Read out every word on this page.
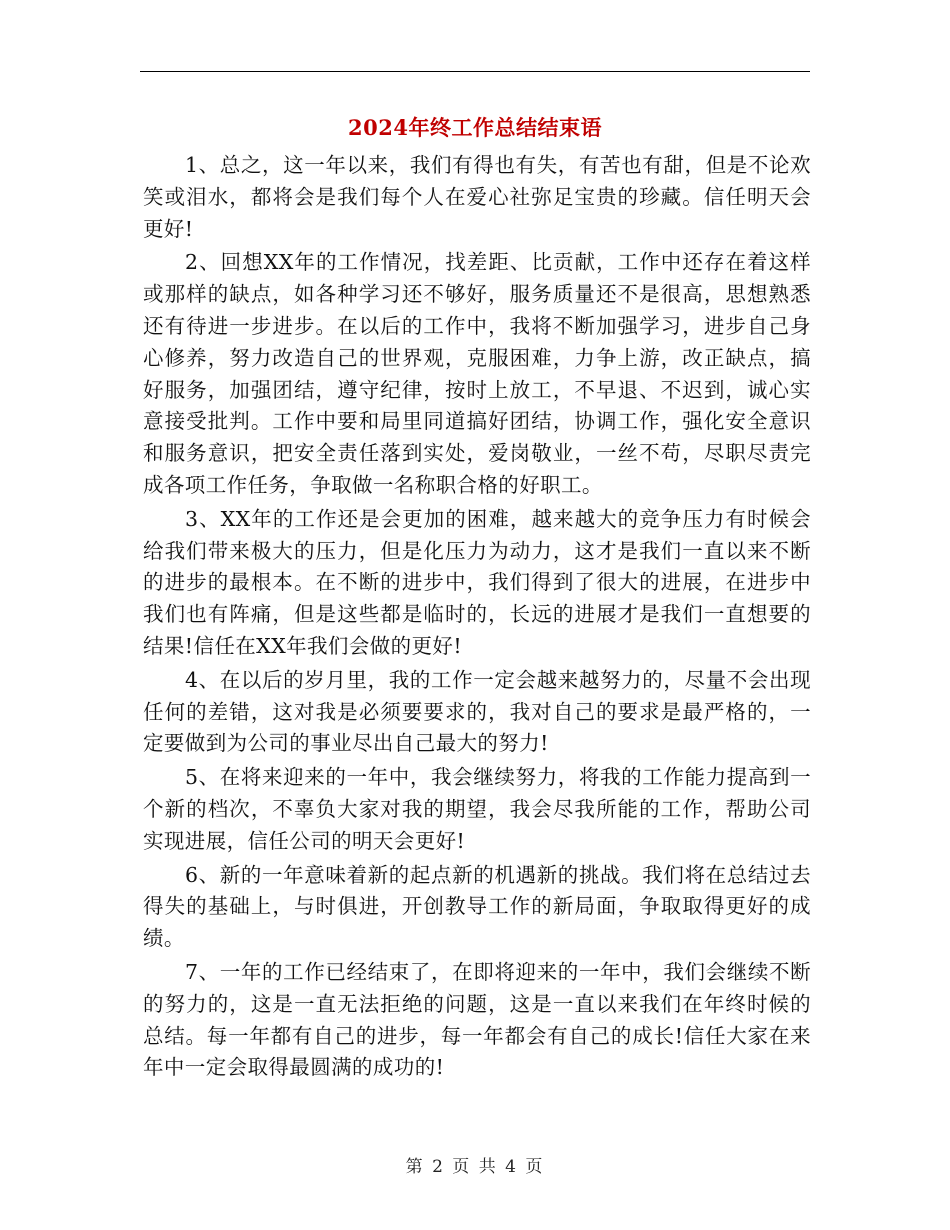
2024年终工作总结结束语

1、总之，这一年以来，我们有得也有失，有苦也有甜，但是不论欢笑或泪水，都将会是我们每个人在爱心社弥足宝贵的珍藏。信任明天会更好!

2、回想XX年的工作情况，找差距、比贡献，工作中还存在着这样或那样的缺点，如各种学习还不够好，服务质量还不是很高，思想熟悉还有待进一步进步。在以后的工作中，我将不断加强学习，进步自己身心修养，努力改造自己的世界观，克服困难，力争上游，改正缺点，搞好服务，加强团结，遵守纪律，按时上放工，不早退、不迟到，诚心实意接受批判。工作中要和局里同道搞好团结，协调工作，强化安全意识和服务意识，把安全责任落到实处，爱岗敬业，一丝不苟，尽职尽责完成各项工作任务，争取做一名称职合格的好职工。

3、XX年的工作还是会更加的困难，越来越大的竞争压力有时候会给我们带来极大的压力，但是化压力为动力，这才是我们一直以来不断的进步的最根本。在不断的进步中，我们得到了很大的进展，在进步中我们也有阵痛，但是这些都是临时的，长远的进展才是我们一直想要的结果!信任在XX年我们会做的更好!

4、在以后的岁月里，我的工作一定会越来越努力的，尽量不会出现任何的差错，这对我是必须要要求的，我对自己的要求是最严格的，一定要做到为公司的事业尽出自己最大的努力!

5、在将来迎来的一年中，我会继续努力，将我的工作能力提高到一个新的档次，不辜负大家对我的期望，我会尽我所能的工作，帮助公司实现进展，信任公司的明天会更好!

6、新的一年意味着新的起点新的机遇新的挑战。我们将在总结过去得失的基础上，与时俱进，开创教导工作的新局面，争取取得更好的成绩。

7、一年的工作已经结束了，在即将迎来的一年中，我们会继续不断的努力的，这是一直无法拒绝的问题，这是一直以来我们在年终时候的总结。每一年都有自己的进步，每一年都会有自己的成长!信任大家在来年中一定会取得最圆满的成功的!

第 2 页 共 4 页
